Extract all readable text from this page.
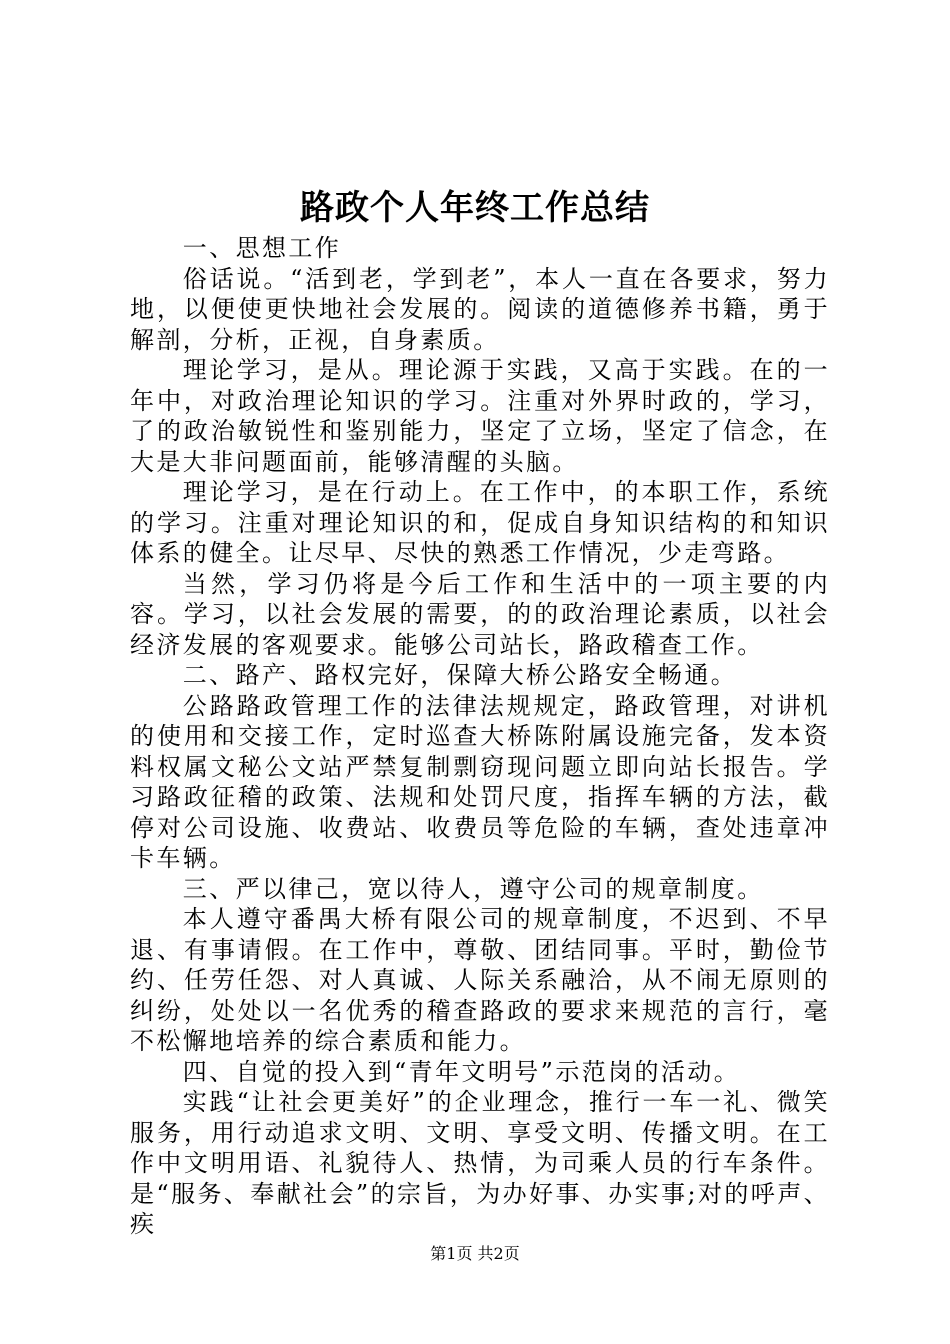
路政个人年终工作总结

一、思想工作

俗话说。“活到老，学到老”，本人一直在各要求，努力地，以便使更快地社会发展的。阅读的道德修养书籍，勇于解剖，分析，正视，自身素质。

理论学习，是从。理论源于实践，又高于实践。在的一年中，对政治理论知识的学习。注重对外界时政的，学习，了的政治敏锐性和鉴别能力，坚定了立场，坚定了信念，在大是大非问题面前，能够清醒的头脑。

理论学习，是在行动上。在工作中，的本职工作，系统的学习。注重对理论知识的和，促成自身知识结构的和知识体系的健全。让尽早、尽快的熟悉工作情况，少走弯路。

当然，学习仍将是今后工作和生活中的一项主要的内容。学习，以社会发展的需要，的的政治理论素质，以社会经济发展的客观要求。能够公司站长，路政稽查工作。

二、路产、路权完好，保障大桥公路安全畅通。

公路路政管理工作的法律法规规定，路政管理，对讲机的使用和交接工作，定时巡查大桥陈附属设施完备，发本资料权属文秘公文站严禁复制剽窃现问题立即向站长报告。学习路政征稽的政策、法规和处罚尺度，指挥车辆的方法，截停对公司设施、收费站、收费员等危险的车辆，查处违章冲卡车辆。

三、严以律己，宽以待人，遵守公司的规章制度。

本人遵守番禺大桥有限公司的规章制度，不迟到、不早退、有事请假。在工作中，尊敬、团结同事。平时，勤俭节约、任劳任怨、对人真诚、人际关系融洽，从不闹无原则的纠纷，处处以一名优秀的稽查路政的要求来规范的言行，毫不松懈地培养的综合素质和能力。

四、自觉的投入到“青年文明号”示范岗的活动。

实践“让社会更美好”的企业理念，推行一车一礼、微笑服务，用行动追求文明、文明、享受文明、传播文明。在工作中文明用语、礼貌待人、热情，为司乘人员的行车条件。是“服务、奉献社会”的宗旨，为办好事、办实事;对的呼声、疾

第1页 共2页
